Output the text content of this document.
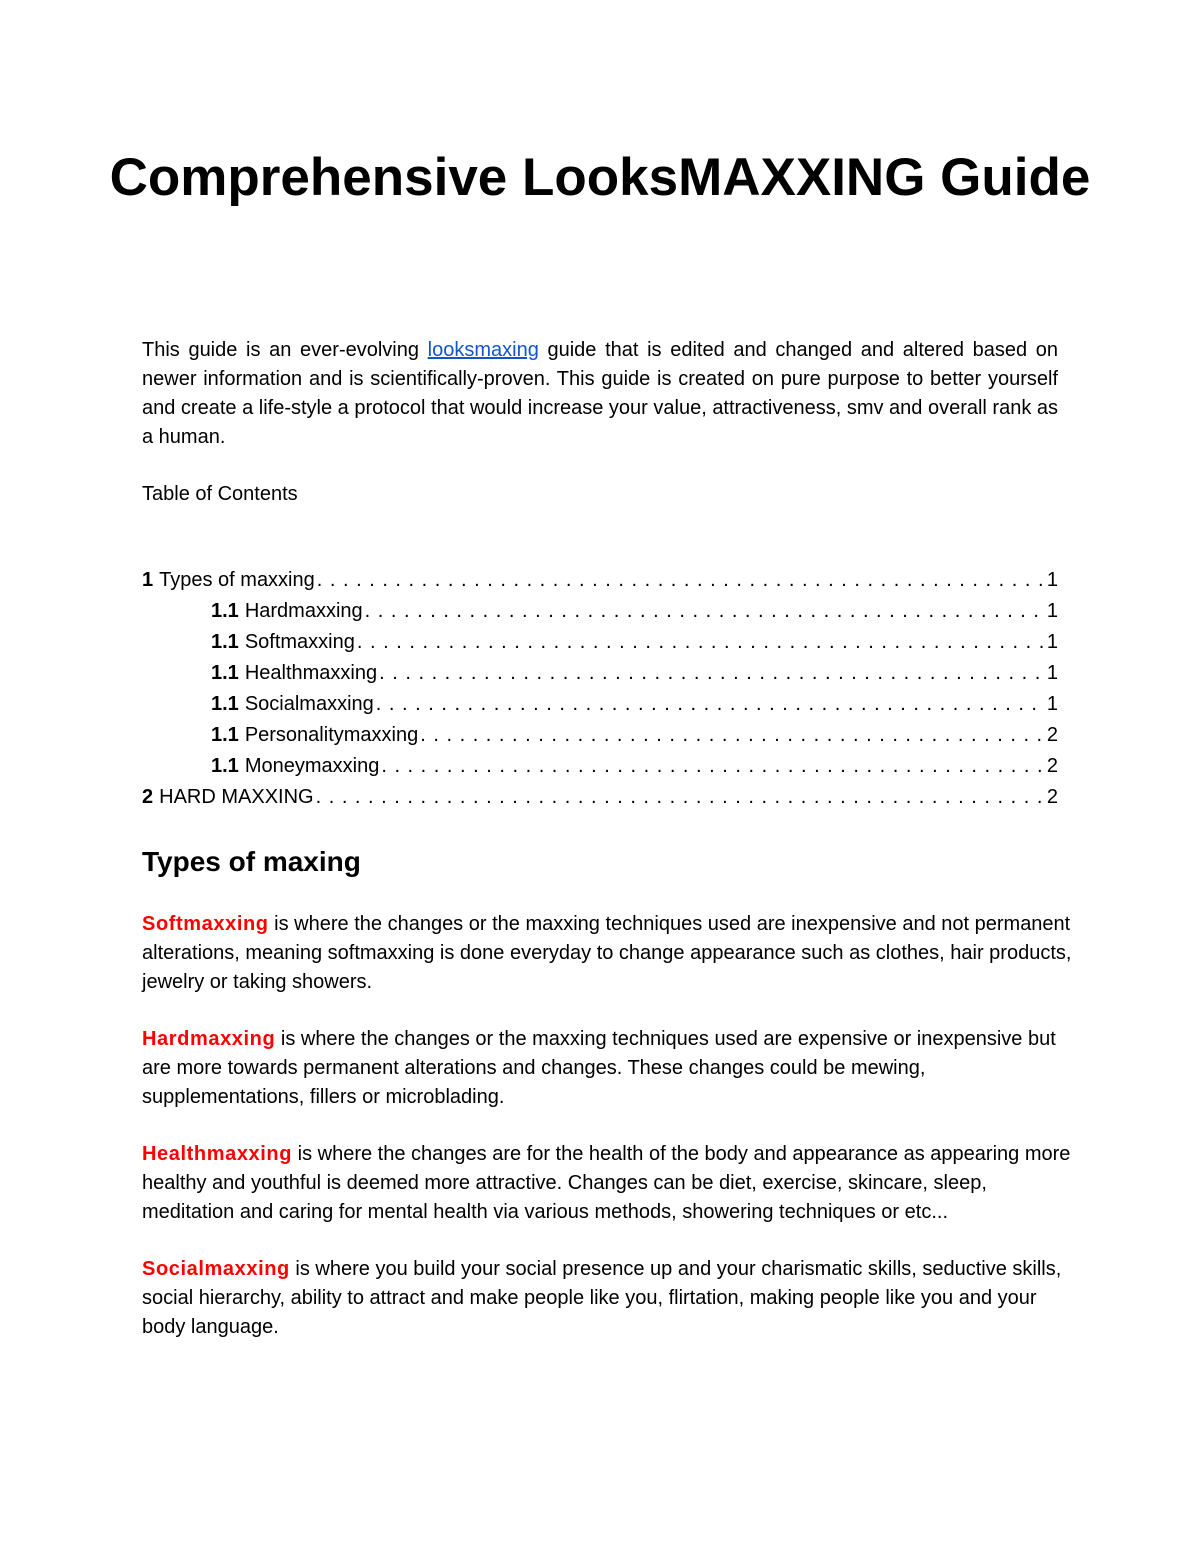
Comprehensive LooksMAXXING Guide

This guide is an ever-evolving looksmaxing guide that is edited and changed and altered based on newer information and is scientifically-proven. This guide is created on pure purpose to better yourself and create a life-style a protocol that would increase your value, attractiveness, smv and overall rank as a human.

Table of Contents
1 Types of maxxing . . .	1
1.1 Hardmaxxing . . .	1
1.1 Softmaxxing . . .	1
1.1 Healthmaxxing . . .	1
1.1 Socialmaxxing . . .	1
1.1 Personalitymaxxing . . .	2
1.1 Moneymaxxing . . .	2
2 HARD MAXXING . . .	2
Types of maxing

Softmaxxing is where the changes or the maxxing techniques used are inexpensive and not permanent alterations, meaning softmaxxing is done everyday to change appearance such as clothes, hair products, jewelry or taking showers.

Hardmaxxing is where the changes or the maxxing techniques used are expensive or inexpensive but are more towards permanent alterations and changes. These changes could be mewing, supplementations, fillers or microblading.

Healthmaxxing is where the changes are for the health of the body and appearance as appearing more healthy and youthful is deemed more attractive. Changes can be diet, exercise, skincare, sleep, meditation and caring for mental health via various methods, showering techniques or etc...

Socialmaxxing is where you build your social presence up and your charismatic skills, seductive skills, social hierarchy, ability to attract and make people like you, flirtation, making people like you and your body language.
